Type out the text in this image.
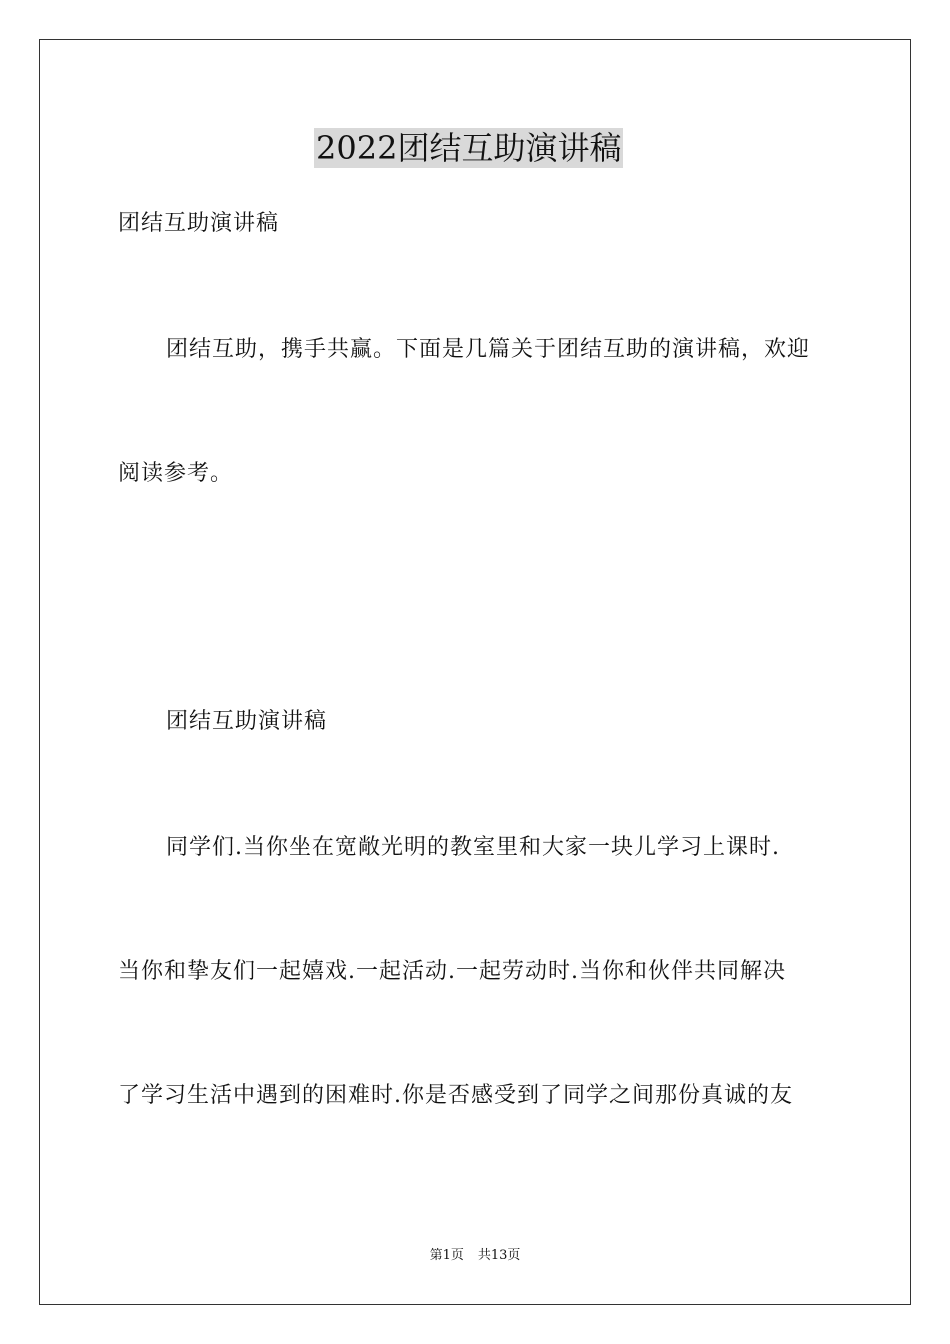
2022团结互助演讲稿
团结互助演讲稿
团结互助，携手共赢。下面是几篇关于团结互助的演讲稿，欢迎
阅读参考。
团结互助演讲稿
同学们.当你坐在宽敞光明的教室里和大家一块儿学习上课时.
当你和挚友们一起嬉戏.一起活动.一起劳动时.当你和伙伴共同解决
了学习生活中遇到的困难时.你是否感受到了同学之间那份真诚的友
第1页 共13页
